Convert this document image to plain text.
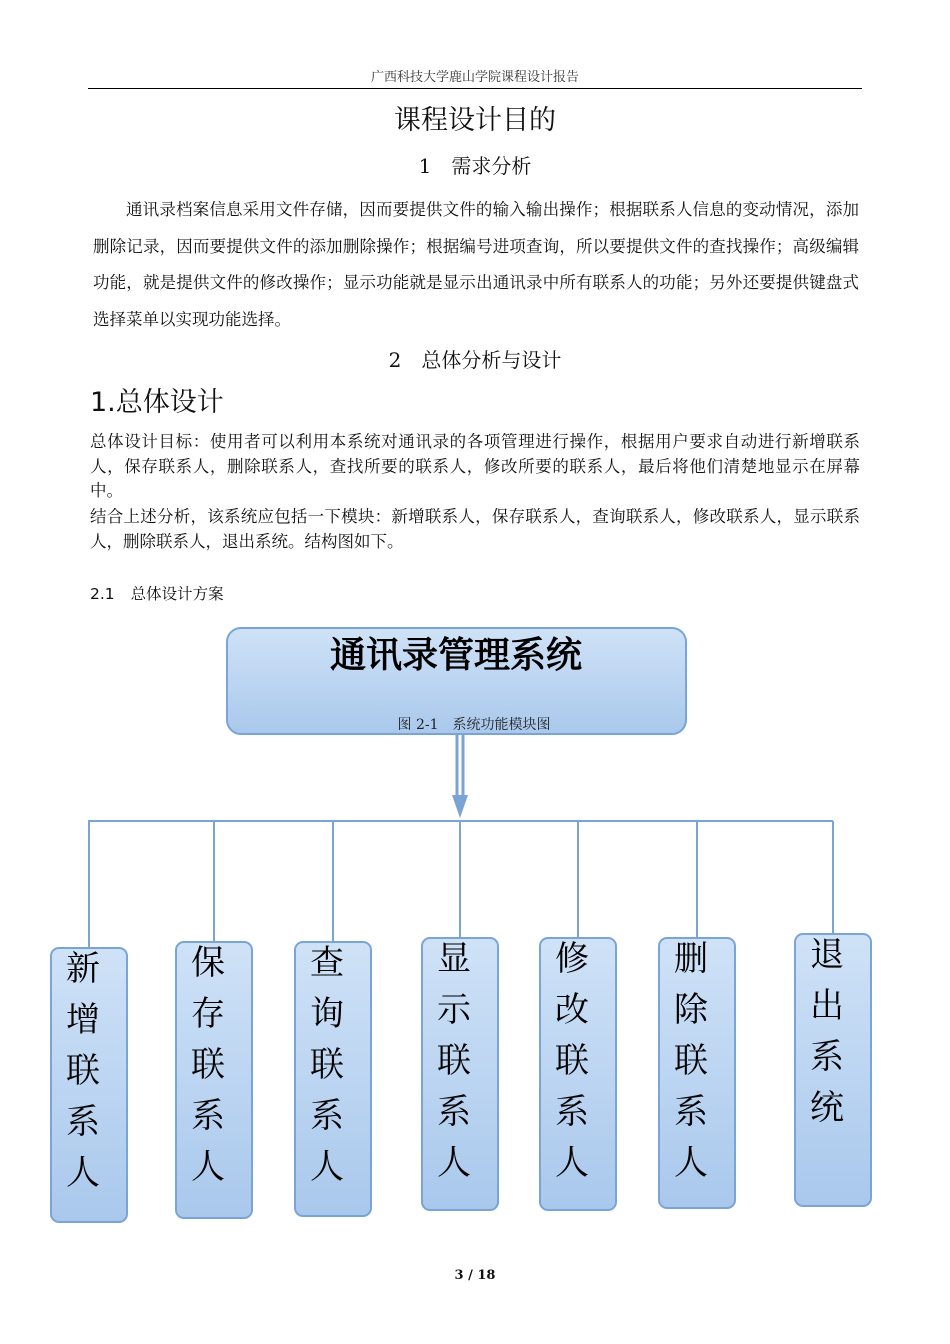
广西科技大学鹿山学院课程设计报告
课程设计目的
1　需求分析

通讯录档案信息采用文件存储，因而要提供文件的输入输出操作；根据联系人信息的变动情况，添加删除记录，因而要提供文件的添加删除操作；根据编号进项查询，所以要提供文件的查找操作；高级编辑功能，就是提供文件的修改操作；显示功能就是显示出通讯录中所有联系人的功能；另外还要提供键盘式选择菜单以实现功能选择。

2　总体分析与设计
1.总体设计

总体设计目标：使用者可以利用本系统对通讯录的各项管理进行操作，根据用户要求自动进行新增联系人，保存联系人，删除联系人，查找所要的联系人，修改所要的联系人，最后将他们清楚地显示在屏幕中。

结合上述分析，该系统应包括一下模块：新增联系人，保存联系人，查询联系人，修改联系人，显示联系人，删除联系人，退出系统。结构图如下。

2.1 总体设计方案
通讯录管理系统
图 2-1　系统功能模块图
新增联系人
保存联系人
查询联系人
显示联系人
修改联系人
删除联系人
退出系统
3 / 18
